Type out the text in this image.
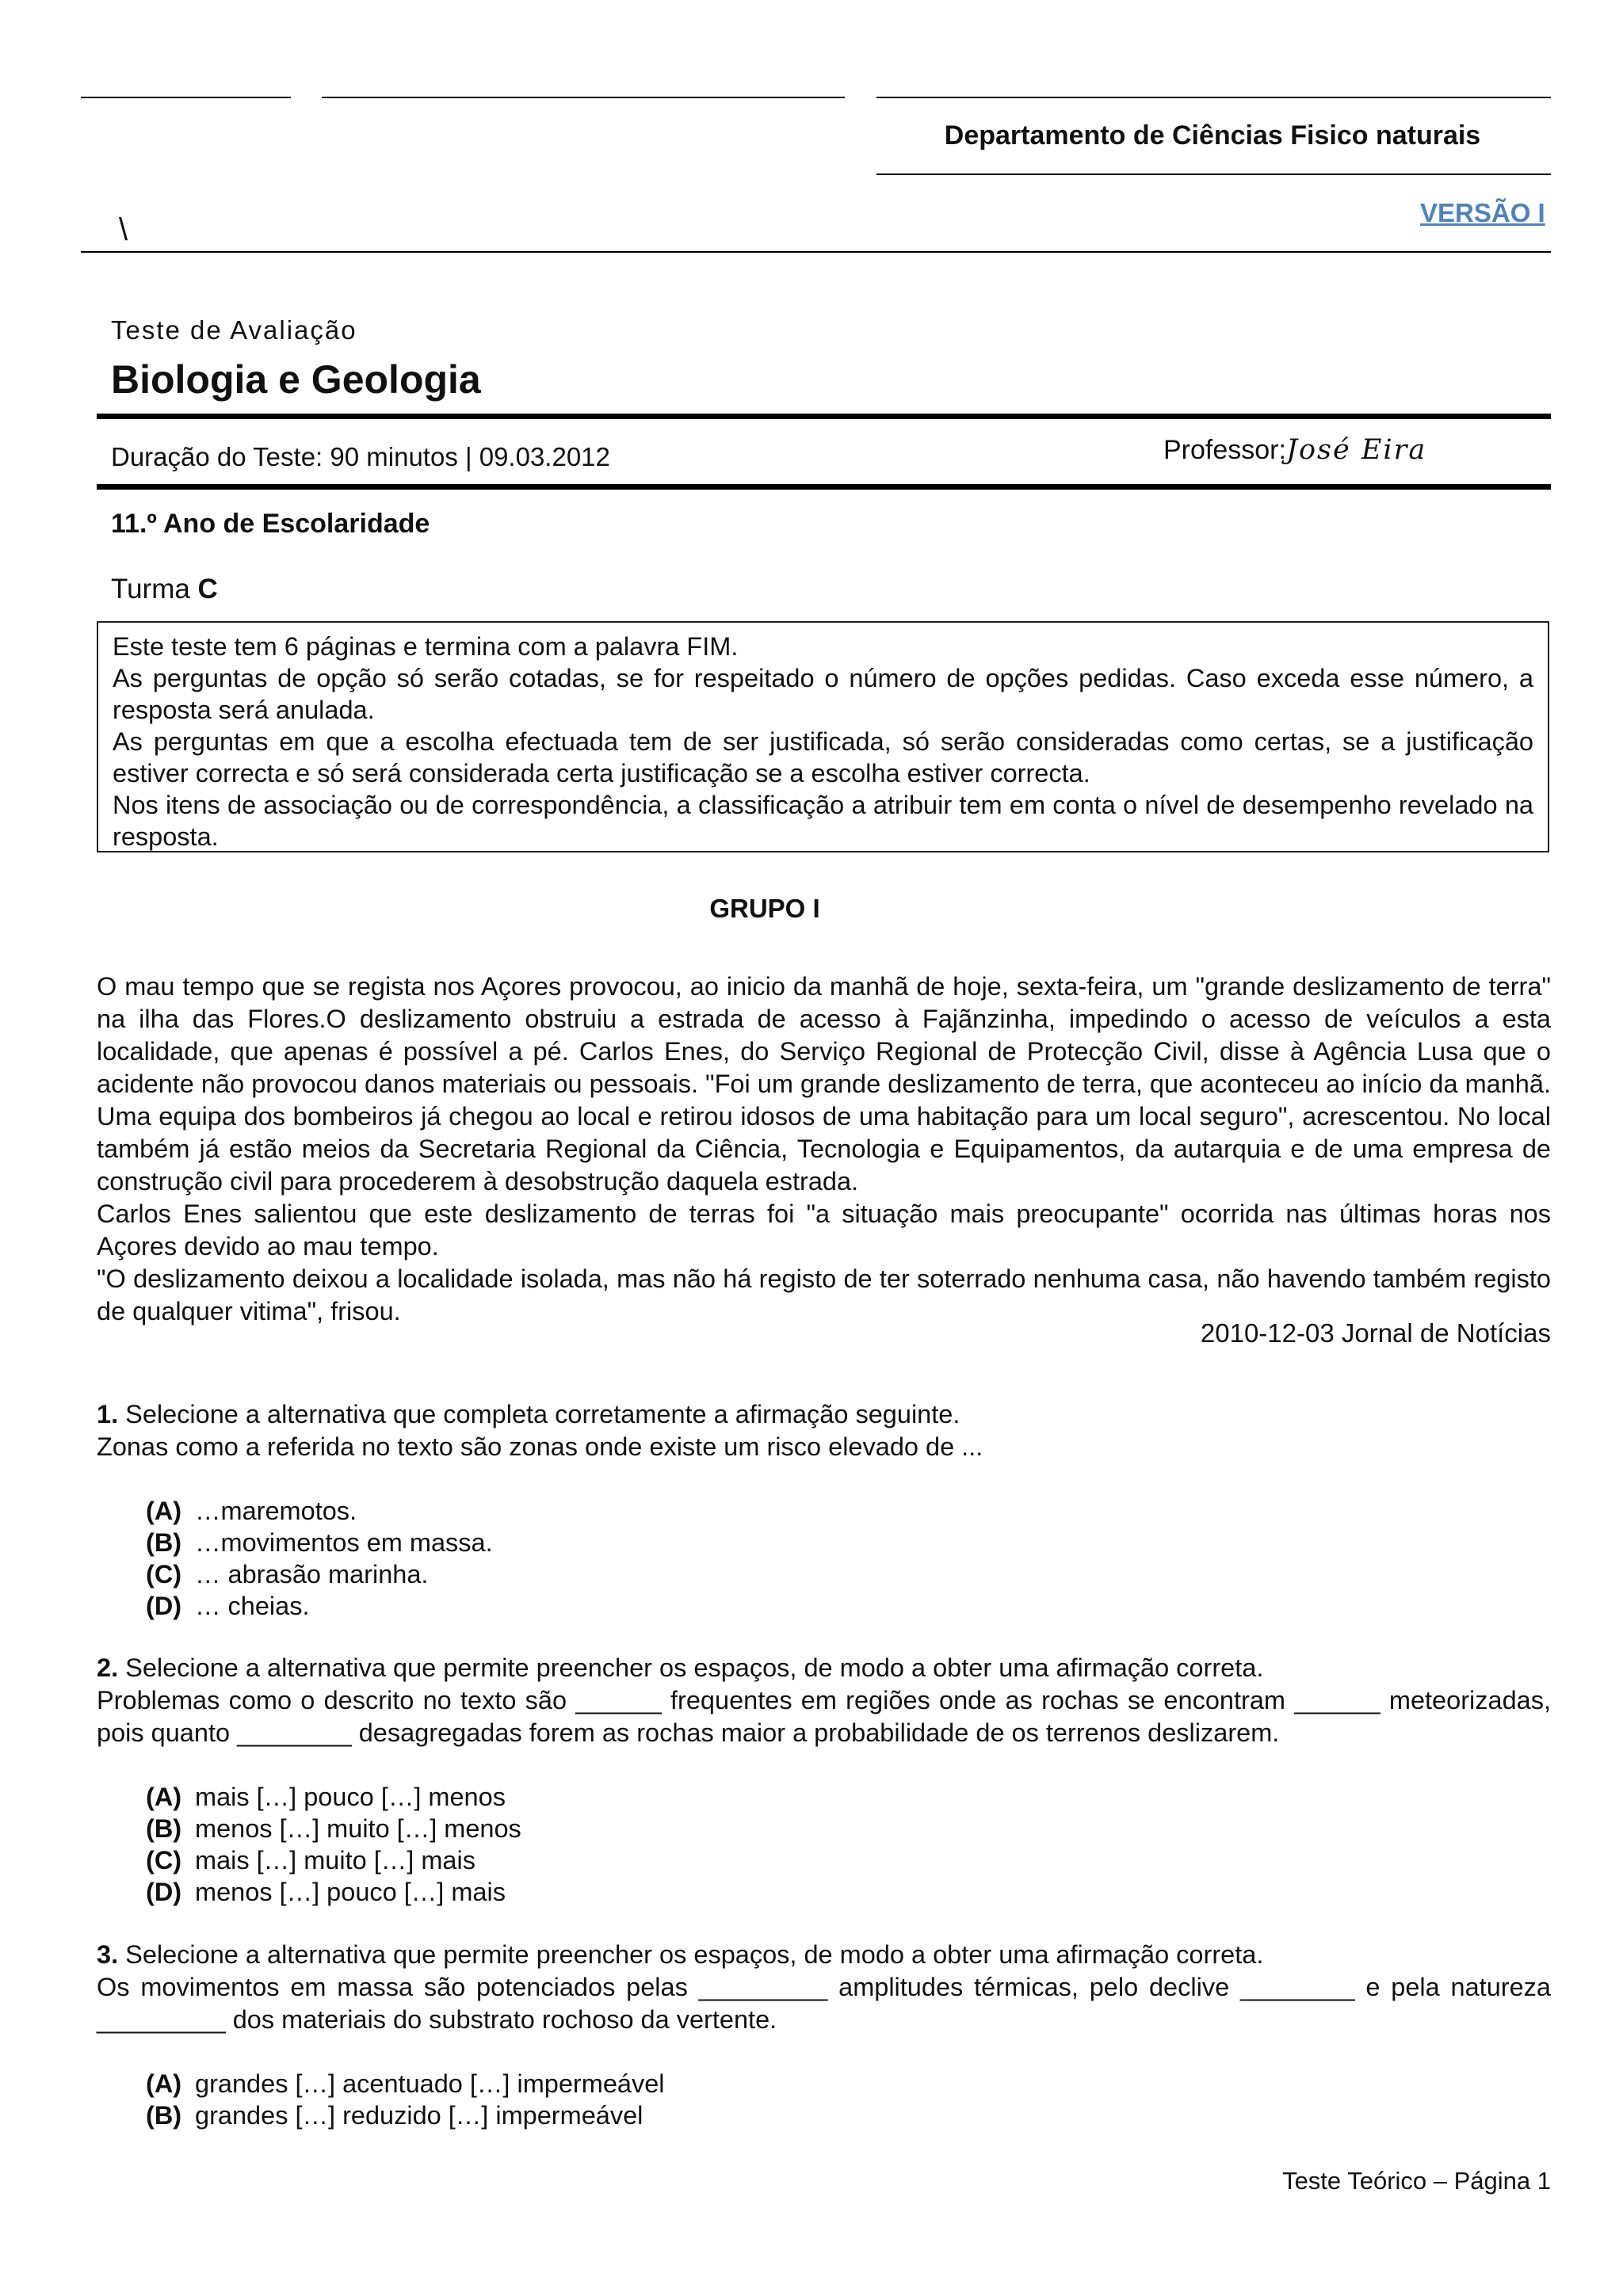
Departamento de Ciências Fisico naturais
\	VERSÃO I
Teste de Avaliação
Biologia e Geologia
Duração do Teste: 90 minutos | 09.03.2012	Professor:José Eira
11.º Ano de Escolaridade
Turma C

Este teste tem 6 páginas e termina com a palavra FIM.

As perguntas de opção só serão cotadas, se for respeitado o número de opções pedidas. Caso exceda esse número, a resposta será anulada.

As perguntas em que a escolha efectuada tem de ser justificada, só serão consideradas como certas, se a justificação estiver correcta e só será considerada certa justificação se a escolha estiver correcta.

Nos itens de associação ou de correspondência, a classificação a atribuir tem em conta o nível de desempenho revelado na resposta.

GRUPO I

O mau tempo que se regista nos Açores provocou, ao inicio da manhã de hoje, sexta-feira, um "grande deslizamento de terra" na ilha das Flores.O deslizamento obstruiu a estrada de acesso à Fajãnzinha, impedindo o acesso de veículos a esta localidade, que apenas é possível a pé. Carlos Enes, do Serviço Regional de Protecção Civil, disse à Agência Lusa que o acidente não provocou danos materiais ou pessoais. "Foi um grande deslizamento de terra, que aconteceu ao início da manhã. Uma equipa dos bombeiros já chegou ao local e retirou idosos de uma habitação para um local seguro", acrescentou. No local também já estão meios da Secretaria Regional da Ciência, Tecnologia e Equipamentos, da autarquia e de uma empresa de construção civil para procederem à desobstrução daquela estrada.

Carlos Enes salientou que este deslizamento de terras foi "a situação mais preocupante" ocorrida nas últimas horas nos Açores devido ao mau tempo.

"O deslizamento deixou a localidade isolada, mas não há registo de ter soterrado nenhuma casa, não havendo também registo de qualquer vitima", frisou.

2010-12-03 Jornal de Notícias

1. Selecione a alternativa que completa corretamente a afirmação seguinte.

Zonas como a referida no texto são zonas onde existe um risco elevado de ...

(A) …maremotos.
(B) …movimentos em massa.
(C) … abrasão marinha.
(D) … cheias.

2. Selecione a alternativa que permite preencher os espaços, de modo a obter uma afirmação correta.

Problemas como o descrito no texto são ______ frequentes em regiões onde as rochas se encontram ______ meteorizadas, pois quanto ________ desagregadas forem as rochas maior a probabilidade de os terrenos deslizarem.

(A) mais […] pouco […] menos
(B) menos […] muito […] menos
(C) mais […] muito […] mais
(D) menos […] pouco […] mais

3. Selecione a alternativa que permite preencher os espaços, de modo a obter uma afirmação correta.

Os movimentos em massa são potenciados pelas _________ amplitudes térmicas, pelo declive ________ e pela natureza _________ dos materiais do substrato rochoso da vertente.

(A) grandes […] acentuado […] impermeável
(B) grandes […] reduzido […] impermeável
Teste Teórico – Página 1
